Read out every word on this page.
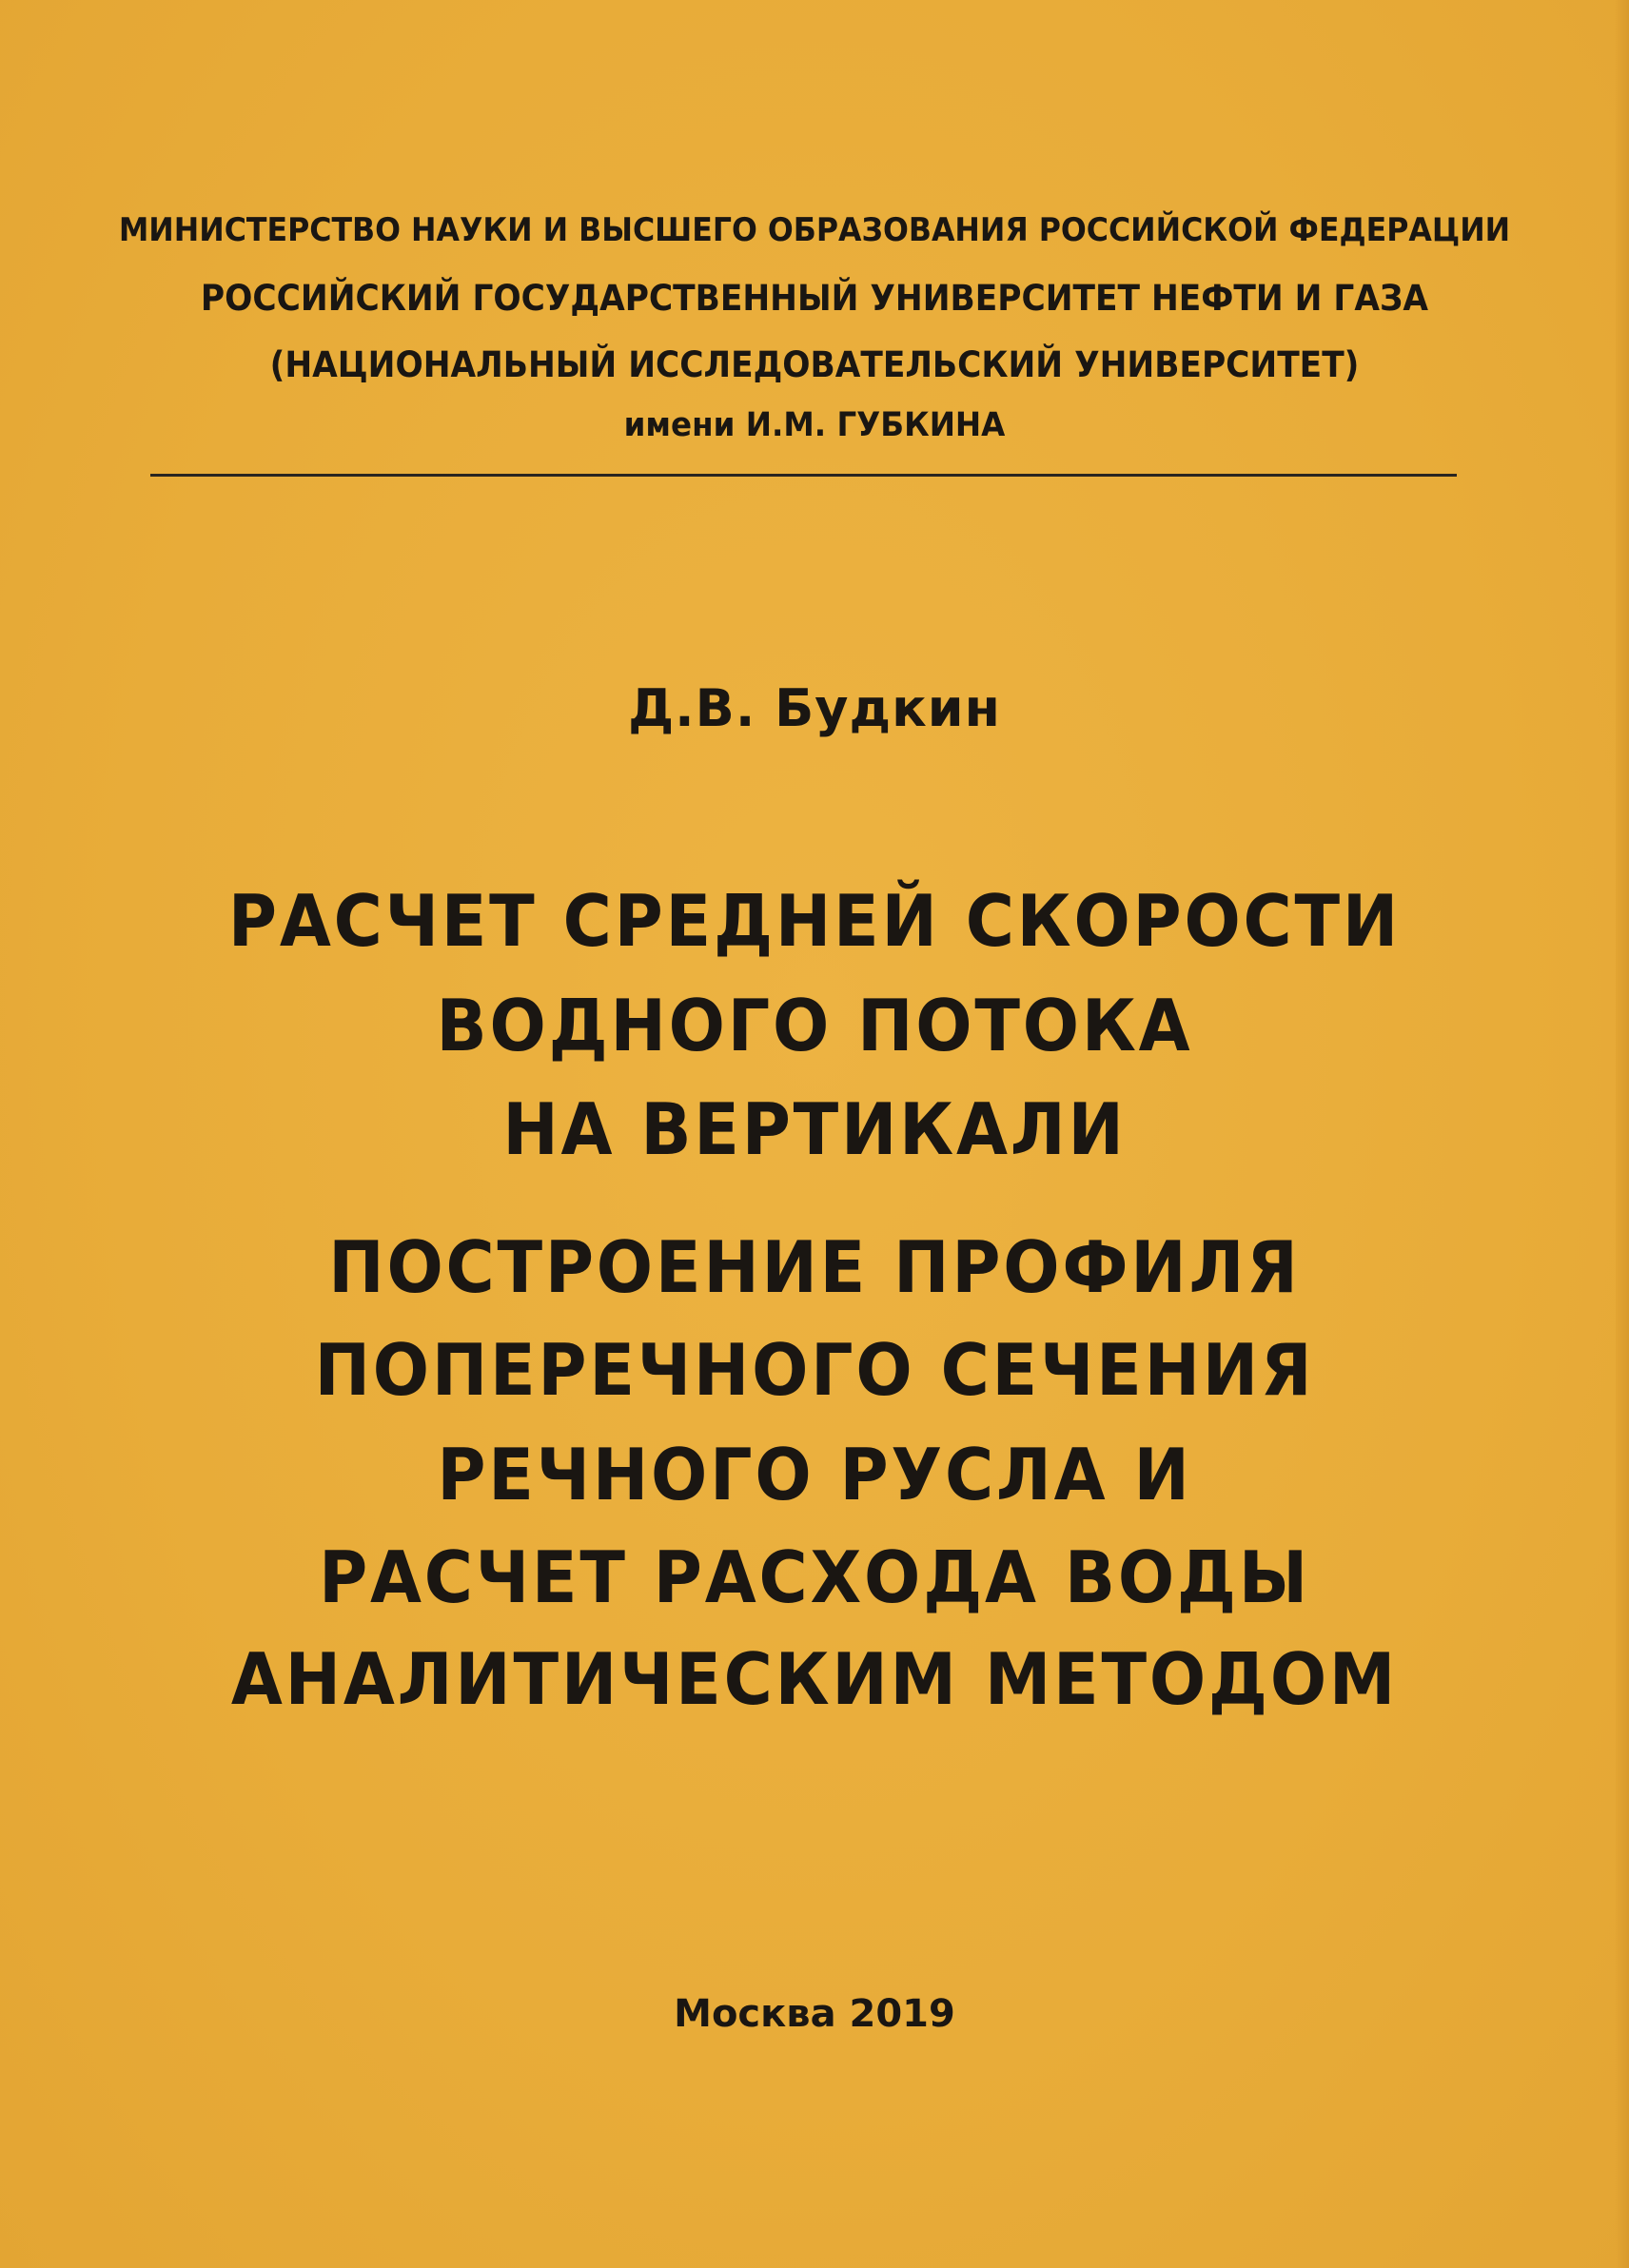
МИНИСТЕРСТВО НАУКИ И ВЫСШЕГО ОБРАЗОВАНИЯ РОССИЙСКОЙ ФЕДЕРАЦИИ
РОССИЙСКИЙ ГОСУДАРСТВЕННЫЙ УНИВЕРСИТЕТ НЕФТИ И ГАЗА
(НАЦИОНАЛЬНЫЙ ИССЛЕДОВАТЕЛЬСКИЙ УНИВЕРСИТЕТ)
имени И.М. ГУБКИНА
Д.В. Будкин
РАСЧЕТ СРЕДНЕЙ СКОРОСТИ
ВОДНОГО ПОТОКА
НА ВЕРТИКАЛИ
ПОСТРОЕНИЕ ПРОФИЛЯ
ПОПЕРЕЧНОГО СЕЧЕНИЯ
РЕЧНОГО РУСЛА И
РАСЧЕТ РАСХОДА ВОДЫ
АНАЛИТИЧЕСКИМ МЕТОДОМ
Москва 2019
